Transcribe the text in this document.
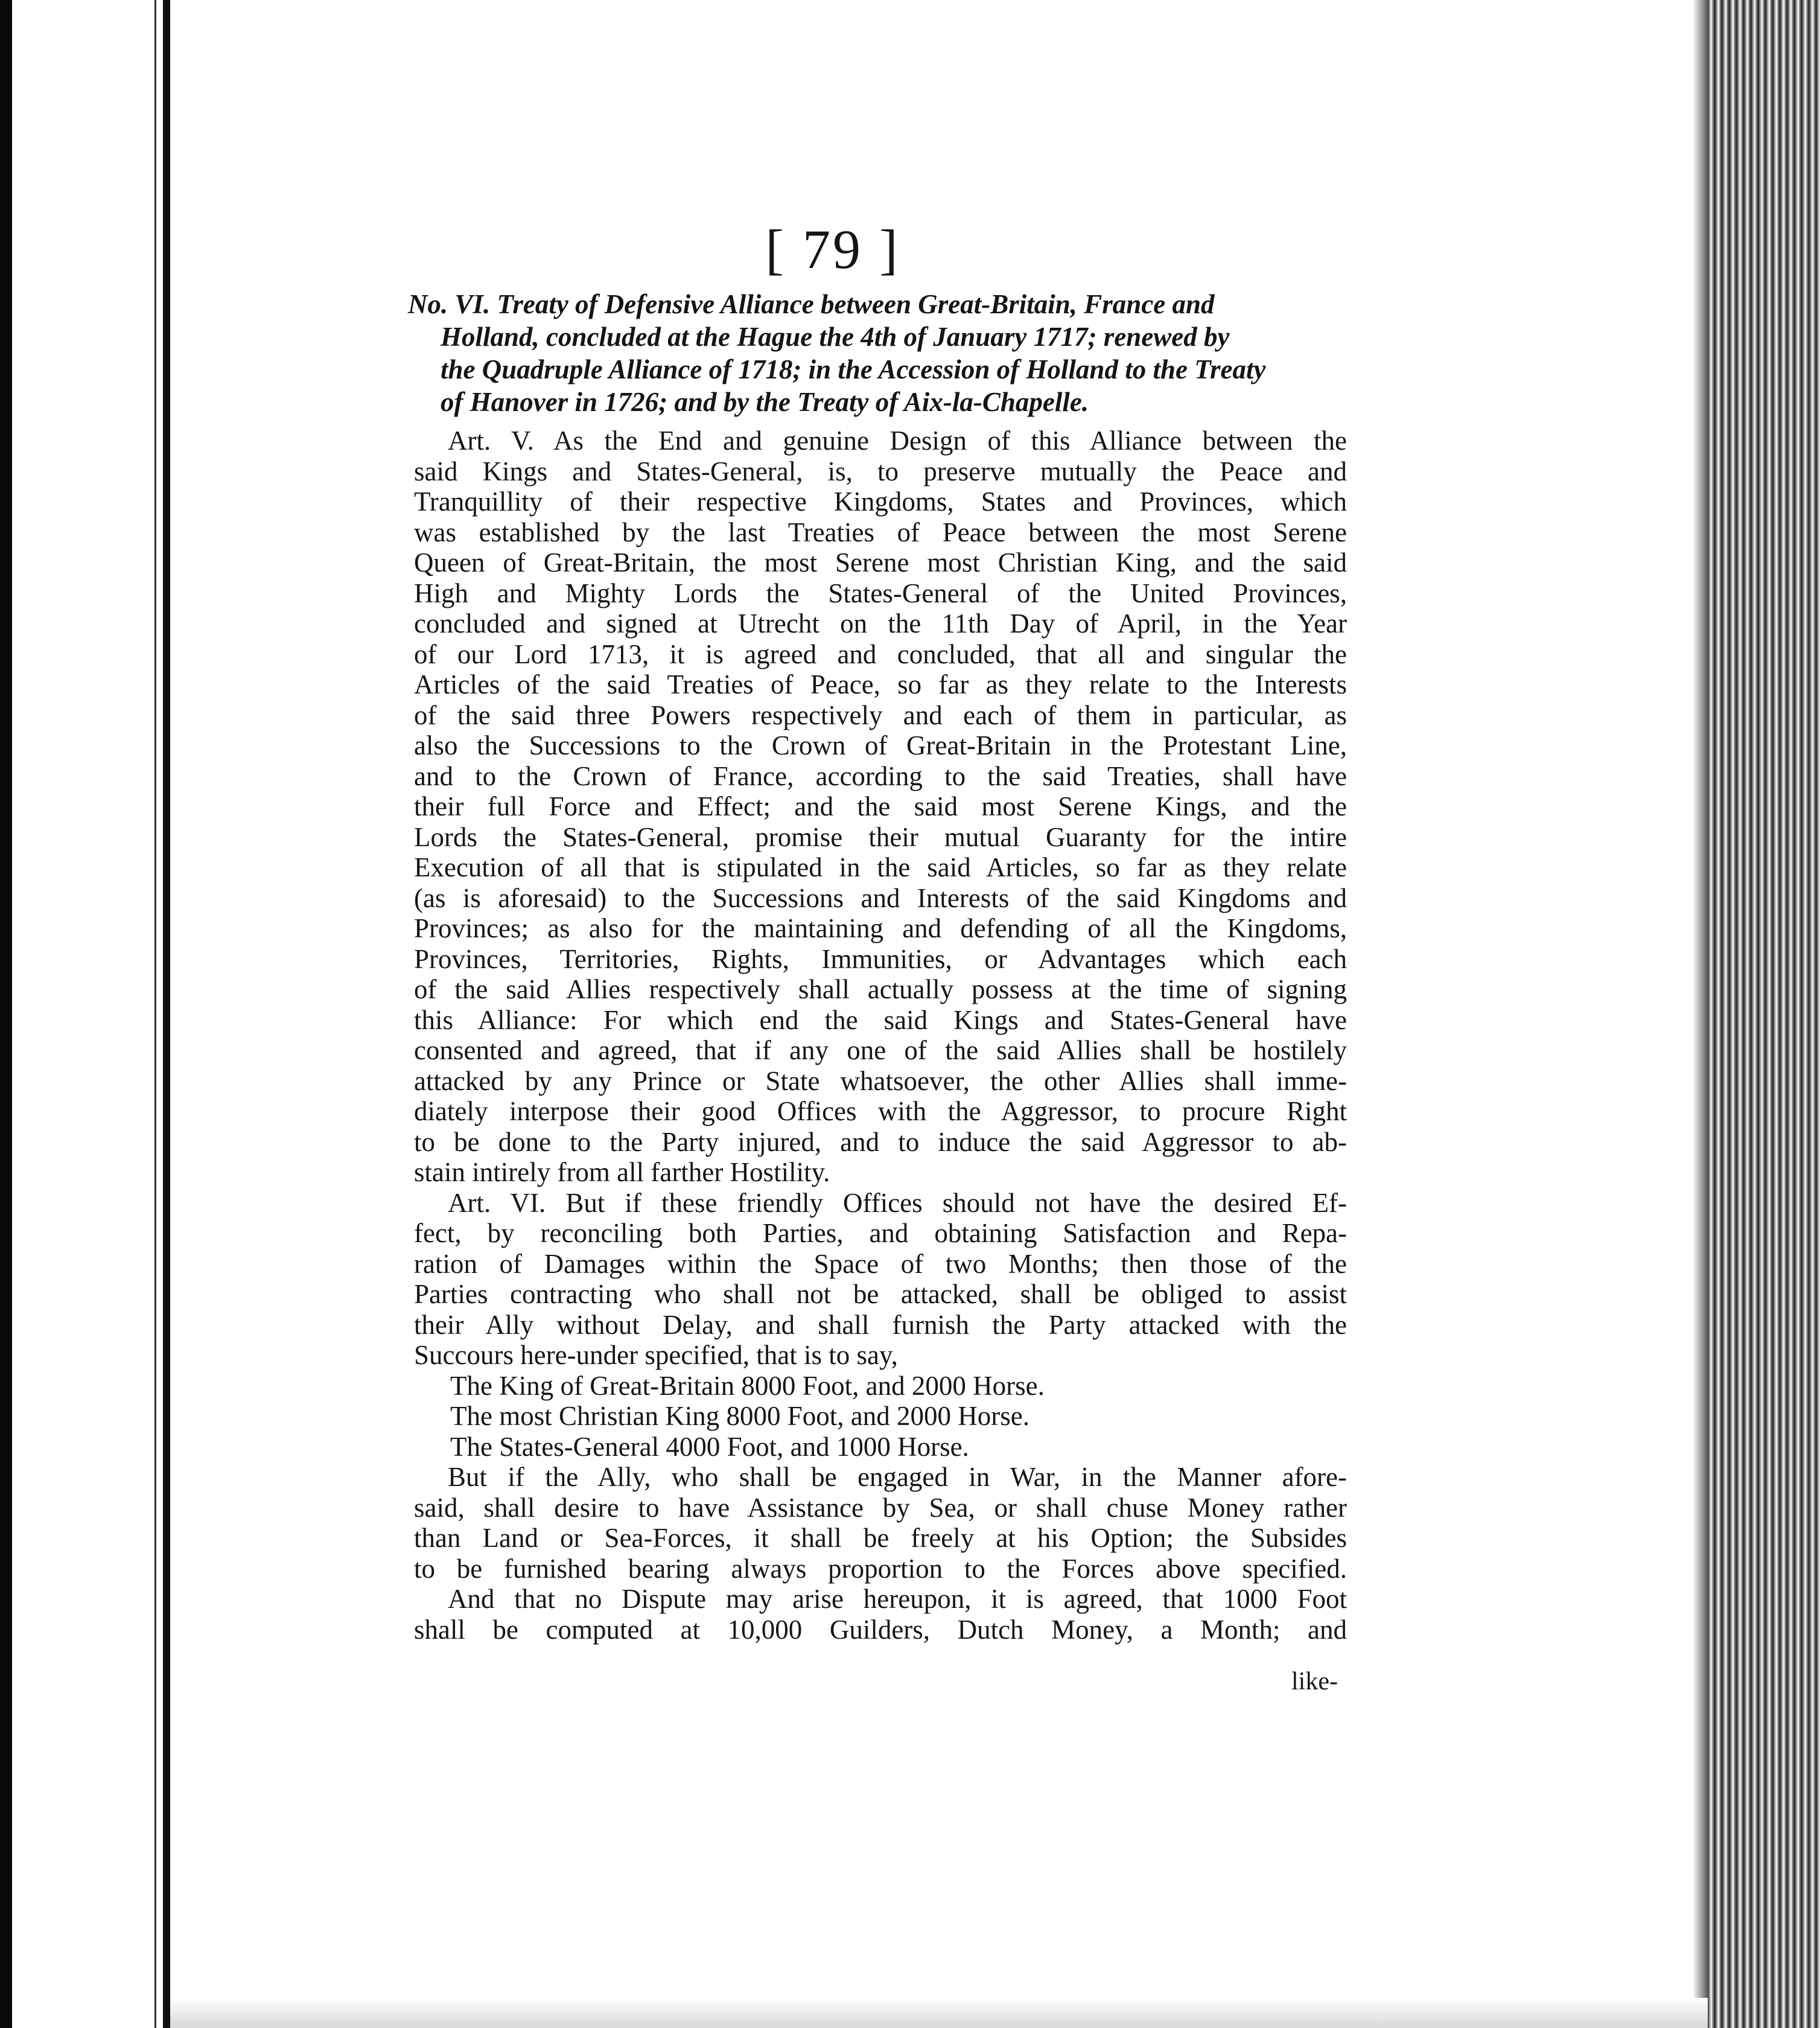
[ 79 ]
No. VI. Treaty of Defensive Alliance between Great-Britain, France and
Holland, concluded at the Hague the 4th of January 1717; renewed by
the Quadruple Alliance of 1718; in the Accession of Holland to the Treaty
of Hanover in 1726; and by the Treaty of Aix-la-Chapelle.
Art. V. As the End and genuine Design of this Alliance between the
said Kings and States-General, is, to preserve mutually the Peace and
Tranquillity of their respective Kingdoms, States and Provinces, which
was established by the last Treaties of Peace between the most Serene
Queen of Great-Britain, the most Serene most Christian King, and the said
High and Mighty Lords the States-General of the United Provinces,
concluded and signed at Utrecht on the 11th Day of April, in the Year
of our Lord 1713, it is agreed and concluded, that all and singular the
Articles of the said Treaties of Peace, so far as they relate to the Interests
of the said three Powers respectively and each of them in particular, as
also the Successions to the Crown of Great-Britain in the Protestant Line,
and to the Crown of France, according to the said Treaties, shall have
their full Force and Effect; and the said most Serene Kings, and the
Lords the States-General, promise their mutual Guaranty for the intire
Execution of all that is stipulated in the said Articles, so far as they relate
(as is aforesaid) to the Successions and Interests of the said Kingdoms and
Provinces; as also for the maintaining and defending of all the Kingdoms,
Provinces, Territories, Rights, Immunities, or Advantages which each
of the said Allies respectively shall actually possess at the time of signing
this Alliance: For which end the said Kings and States-General have
consented and agreed, that if any one of the said Allies shall be hostilely
attacked by any Prince or State whatsoever, the other Allies shall imme-
diately interpose their good Offices with the Aggressor, to procure Right
to be done to the Party injured, and to induce the said Aggressor to ab-
stain intirely from all farther Hostility.
Art. VI. But if these friendly Offices should not have the desired Ef-
fect, by reconciling both Parties, and obtaining Satisfaction and Repa-
ration of Damages within the Space of two Months; then those of the
Parties contracting who shall not be attacked, shall be obliged to assist
their Ally without Delay, and shall furnish the Party attacked with the
Succours here-under specified, that is to say,
The King of Great-Britain 8000 Foot, and 2000 Horse.
The most Christian King 8000 Foot, and 2000 Horse.
The States-General 4000 Foot, and 1000 Horse.
But if the Ally, who shall be engaged in War, in the Manner afore-
said, shall desire to have Assistance by Sea, or shall chuse Money rather
than Land or Sea-Forces, it shall be freely at his Option; the Subsides
to be furnished bearing always proportion to the Forces above specified.
And that no Dispute may arise hereupon, it is agreed, that 1000 Foot
shall be computed at 10,000 Guilders, Dutch Money, a Month; and
like-
